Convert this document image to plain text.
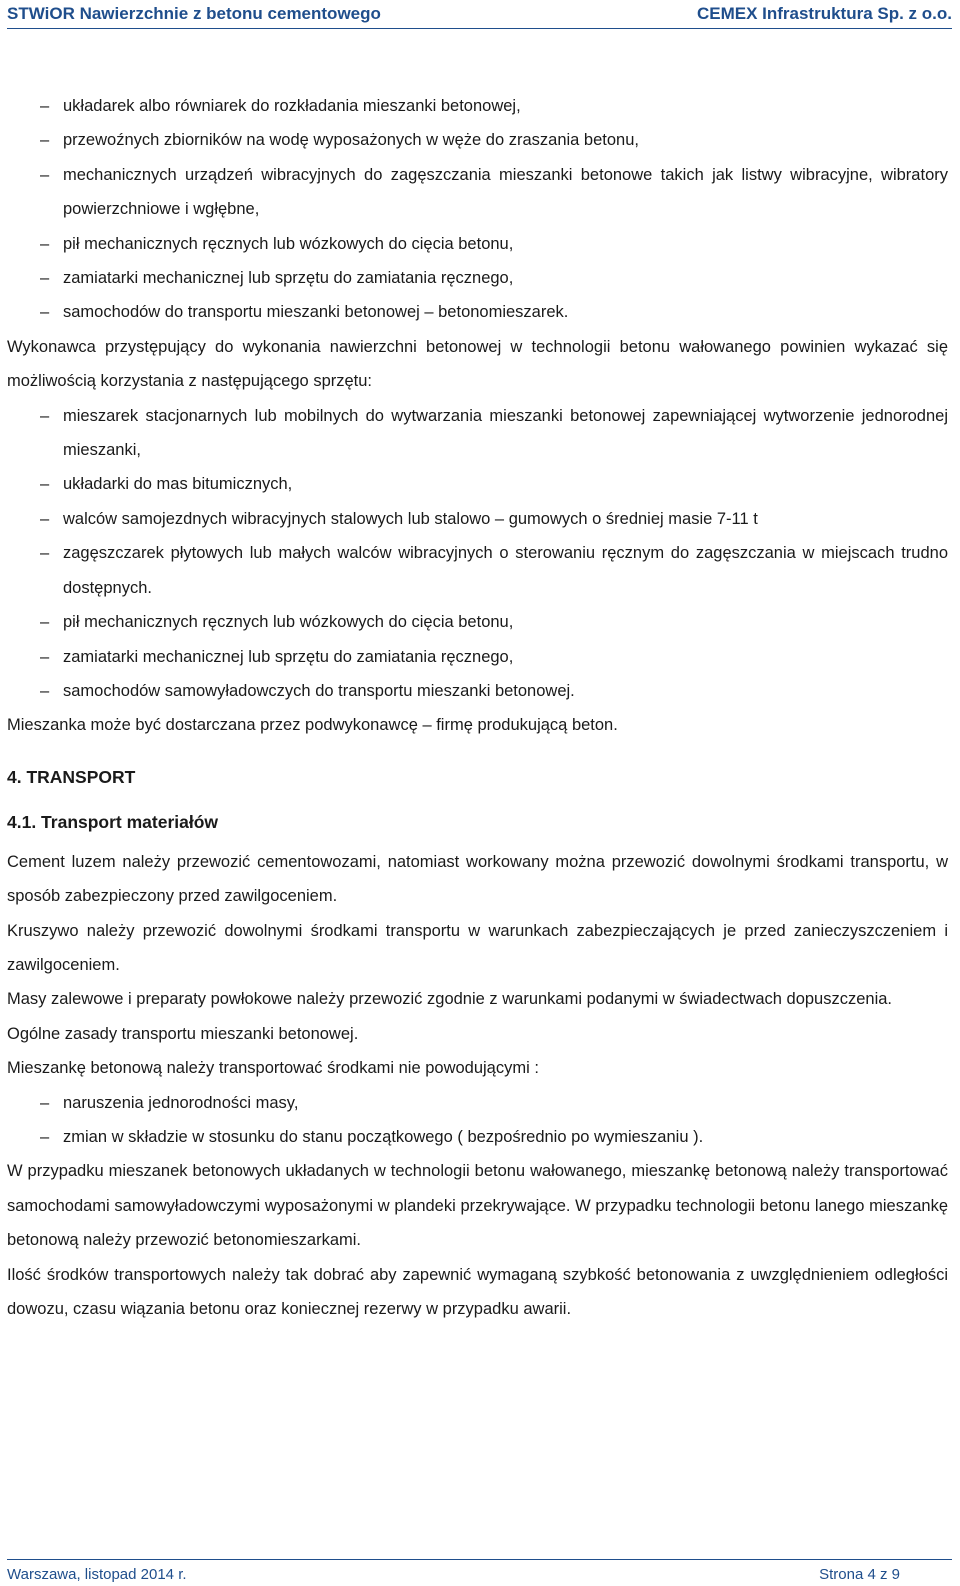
STWiOR Nawierzchnie z betonu cementowego	CEMEX Infrastruktura Sp. z o.o.

– układarek albo równiarek do rozkładania mieszanki betonowej,

– przewoźnych zbiorników na wodę wyposażonych w węże do zraszania betonu,

– mechanicznych urządzeń wibracyjnych do zagęszczania mieszanki betonowe takich jak listwy wibracyjne, wibratory powierzchniowe i wgłębne,

– pił mechanicznych ręcznych lub wózkowych do cięcia betonu,

– zamiatarki mechanicznej lub sprzętu do zamiatania ręcznego,

– samochodów do transportu mieszanki betonowej – betonomieszarek.

Wykonawca przystępujący do wykonania nawierzchni betonowej w technologii betonu wałowanego powinien wykazać się możliwością korzystania z następującego sprzętu:

– mieszarek stacjonarnych lub mobilnych do wytwarzania mieszanki betonowej zapewniającej wytworzenie jednorodnej mieszanki,

– układarki do mas bitumicznych,

– walców samojezdnych wibracyjnych stalowych lub stalowo – gumowych o średniej masie 7-11 t

– zagęszczarek płytowych lub małych walców wibracyjnych o sterowaniu ręcznym do zagęszczania w miejscach trudno dostępnych.

– pił mechanicznych ręcznych lub wózkowych do cięcia betonu,

– zamiatarki mechanicznej lub sprzętu do zamiatania ręcznego,

– samochodów samowyładowczych do transportu mieszanki betonowej.

Mieszanka może być dostarczana przez podwykonawcę – firmę produkującą beton.

4. TRANSPORT

4.1. Transport materiałów

Cement luzem należy przewozić cementowozami, natomiast workowany można przewozić dowolnymi środkami transportu, w sposób zabezpieczony przed zawilgoceniem.

Kruszywo należy przewozić dowolnymi środkami transportu w warunkach zabezpieczających je przed zanieczyszczeniem i zawilgoceniem.

Masy zalewowe i preparaty powłokowe należy przewozić zgodnie z warunkami podanymi w świadectwach dopuszczenia.

Ogólne zasady transportu mieszanki betonowej.

Mieszankę betonową należy transportować środkami nie powodującymi :

– naruszenia jednorodności masy,

– zmian w składzie w stosunku do stanu początkowego ( bezpośrednio po wymieszaniu ).

W przypadku mieszanek betonowych układanych w technologii betonu wałowanego, mieszankę betonową należy transportować samochodami samowyładowczymi wyposażonymi w plandeki przekrywające. W przypadku technologii betonu lanego mieszankę betonową należy przewozić betonomieszarkami.

Ilość środków transportowych należy tak dobrać aby zapewnić wymaganą szybkość betonowania z uwzględnieniem odległości dowozu, czasu wiązania betonu oraz koniecznej rezerwy w przypadku awarii.

Warszawa, listopad 2014 r.	Strona 4 z 9
